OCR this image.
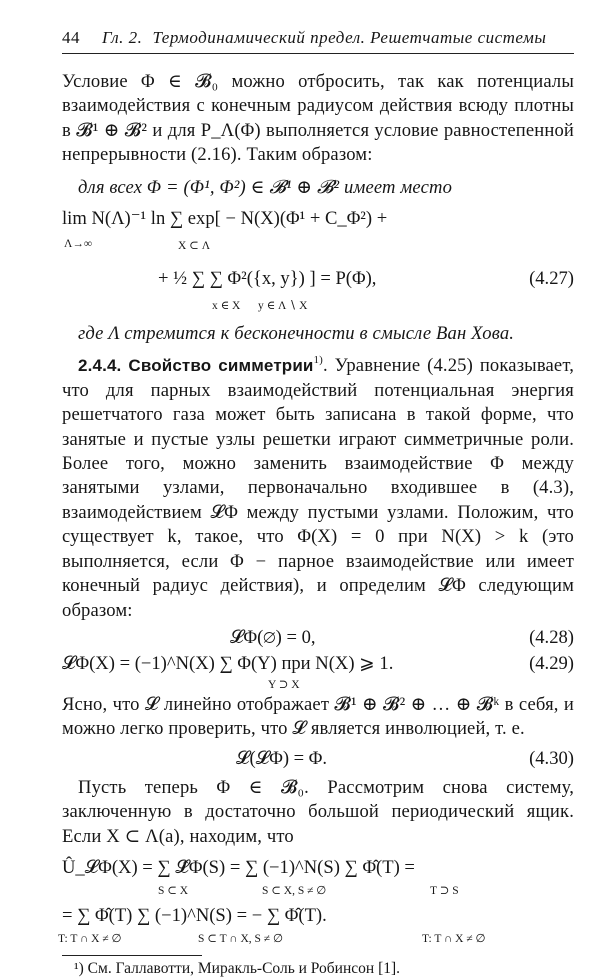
44 Гл. 2. Термодинамический предел. Решетчатые системы

Условие Φ ∈ 𝓑₀ можно отбросить, так как потенциалы взаимодействия с конечным радиусом действия всюду плотны в 𝓑¹ ⊕ 𝓑² и для P_Λ(Φ) выполняется условие равностепенной непрерывности (2.16). Таким образом:

для всех Φ = (Φ¹, Φ²) ∈ 𝓑¹ ⊕ 𝓑² имеет место

lim N(Λ)⁻¹ ln ∑ exp[ − N(X)(Φ¹ + C_Φ²) +
Λ→∞	X ⊂ Λ
+ ½ ∑ ∑ Φ²({x, y}) ] = P(Φ),
x ∈ X y ∈ Λ ∖ X
(4.27)

где Λ стремится к бесконечности в смысле Ван Хова.

2.4.4. Свойство симметрии$^{1)}$. Уравнение (4.25) показывает, что для парных взаимодействий потенциальная энергия решетчатого газа может быть записана в такой форме, что занятые и пустые узлы решетки играют симметричные роли. Более того, можно заменить взаимодействие Φ между занятыми узлами, первоначально входившее в (4.3), взаимодействием 𝓛Φ между пустыми узлами. Положим, что существует k, такое, что Φ(X) = 0 при N(X) > k (это выполняется, если Φ − парное взаимодействие или имеет конечный радиус действия), и определим 𝓛Φ следующим образом:

𝓛Φ(∅) = 0,	(4.28)
𝓛Φ(X) = (−1)^N(X) ∑ Φ(Y) при N(X) ⩾ 1.
Y ⊃ X
(4.29)

Ясно, что 𝓛 линейно отображает 𝓑¹ ⊕ 𝓑² ⊕ … ⊕ 𝓑ᵏ в себя, и можно легко проверить, что 𝓛 является инволюцией, т. е.

𝓛(𝓛Φ) = Φ.	(4.30)

Пусть теперь Φ ∈ 𝓑₀. Рассмотрим снова систему, заключенную в достаточно большой периодический ящик. Если X ⊂ Λ(a), находим, что

Û_𝓛Φ(X) = ∑ 𝓛̂Φ(S) = ∑ (−1)^N(S) ∑ Φ̂(T) =
S ⊂ X	S ⊂ X, S ≠ ∅	T ⊃ S
= ∑ Φ̂(T) ∑ (−1)^N(S) = − ∑ Φ̂(T).
T: T ∩ X ≠ ∅	S ⊂ T ∩ X, S ≠ ∅	T: T ∩ X ≠ ∅
¹) См. Галлавотти, Миракль-Соль и Робинсон [1].
